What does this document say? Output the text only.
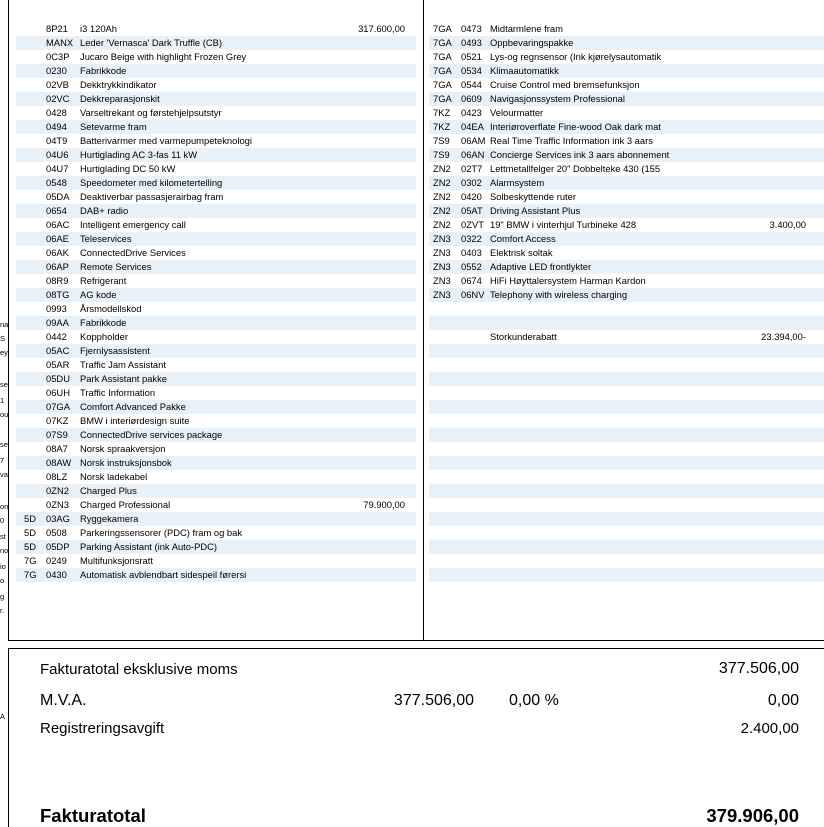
na
S
ey
se
1
ou
se
7
va
on
0
st
no
io
o
g
r.
A
8P21 i3 120Ah	317.600,00
MANX Leder 'Vernasca' Dark Truffle (CB)
0C3P Jucaro Beige with highlight Frozen Grey
0230 Fabrikkode
02VB Dekktrykkindikator
02VC Dekkreparasjonskit
0428 Varseltrekant og førstehjelpsutstyr
0494 Setevarme fram
04T9 Batterivarmer med varmepumpeteknologi
04U6 Hurtiglading AC 3-fas 11 kW
04U7 Hurtiglading DC 50 kW
0548 Speedometer med kilometertelling
05DA Deaktiverbar passasjerairbag fram
0654 DAB+ radio
06AC Intelligent emergency call
06AE Teleservices
06AK ConnectedDrive Services
06AP Remote Services
08R9 Refrigerant
08TG AG kode
0993 Årsmodellskod
09AA Fabrikkode
0442 Koppholder
05AC Fjernlysassistent
05AR Traffic Jam Assistant
05DU Park Assistant pakke
06UH Traffic Information
07GA Comfort Advanced Pakke
07KZ BMW i interiørdesign suite
07S9 ConnectedDrive services package
08A7 Norsk spraakversjon
08AW Norsk instruksjonsbok
08LZ Norsk ladekabel
0ZN2 Charged Plus
0ZN3 Charged Professional	79.900,00
5D 03AG Ryggekamera
5D 0508 Parkeringssensorer (PDC) fram og bak
5D 05DP Parking Assistant (ink Auto-PDC)
7G 0249 Multifunksjonsratt
7G 0430 Automatisk avblendbart sidespeil førersi
7GA 0473 Midtarmlene fram
7GA 0493 Oppbevaringspakke
7GA 0521 Lys-og regnsensor (Ink kjørelysautomatik
7GA 0534 Klimaautomatikk
7GA 0544 Cruise Control med bremsefunksjon
7GA 0609 Navigasjonssystem Professional
7KZ 0423 Velourmatter
7KZ 04EA Interiøroverflate Fine-wood Oak dark mat
7S9 06AM Real Time Traffic Information ink 3 aars
7S9 06AN Concierge Services ink 3 aars abonnement
ZN2 02T7 Lettmetallfelger 20" Dobbeltеke 430 (155
ZN2 0302 Alarmsystem
ZN2 0420 Solbeskyttende ruter
ZN2 05AT Driving Assistant Plus
ZN2 0ZVT 19" BMW i vinterhjul Turbineke 428	3.400,00
ZN3 0322 Comfort Access
ZN3 0403 Elektrisk soltak
ZN3 0552 Adaptive LED frontlykter
ZN3 0674 HiFi Høyttalersystem Harman Kardon
ZN3 06NV Telephony with wireless charging
Storkunderabatt	23.394,00-
Fakturatotal eksklusive moms	377.506,00
M.V.A.	377.506,00 0,00 %	0,00
Registreringsavgift	2.400,00
Fakturatotal	379.906,00
